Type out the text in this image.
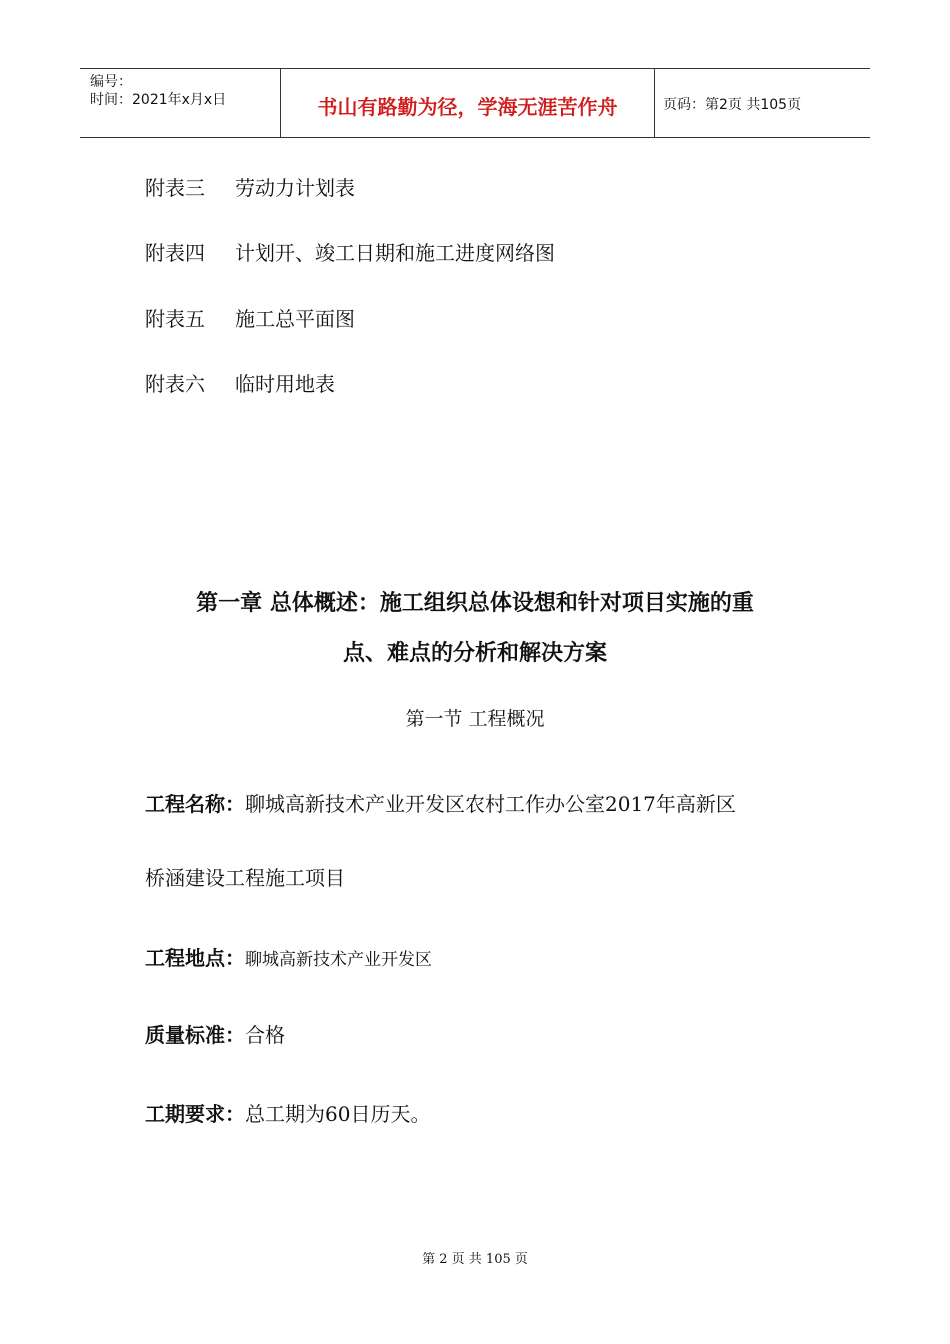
编号：
时间：2021年x月x日	书山有路勤为径，学海无涯苦作舟	页码：第2页 共105页
附表三 劳动力计划表
附表四 计划开、竣工日期和施工进度网络图
附表五 施工总平面图
附表六 临时用地表
第一章 总体概述：施工组织总体设想和针对项目实施的重
点、难点的分析和解决方案
第一节 工程概况
工程名称：聊城高新技术产业开发区农村工作办公室2017年高新区
桥涵建设工程施工项目
工程地点：聊城高新技术产业开发区
质量标准：合格
工期要求：总工期为60日历天。
第 2 页 共 105 页
